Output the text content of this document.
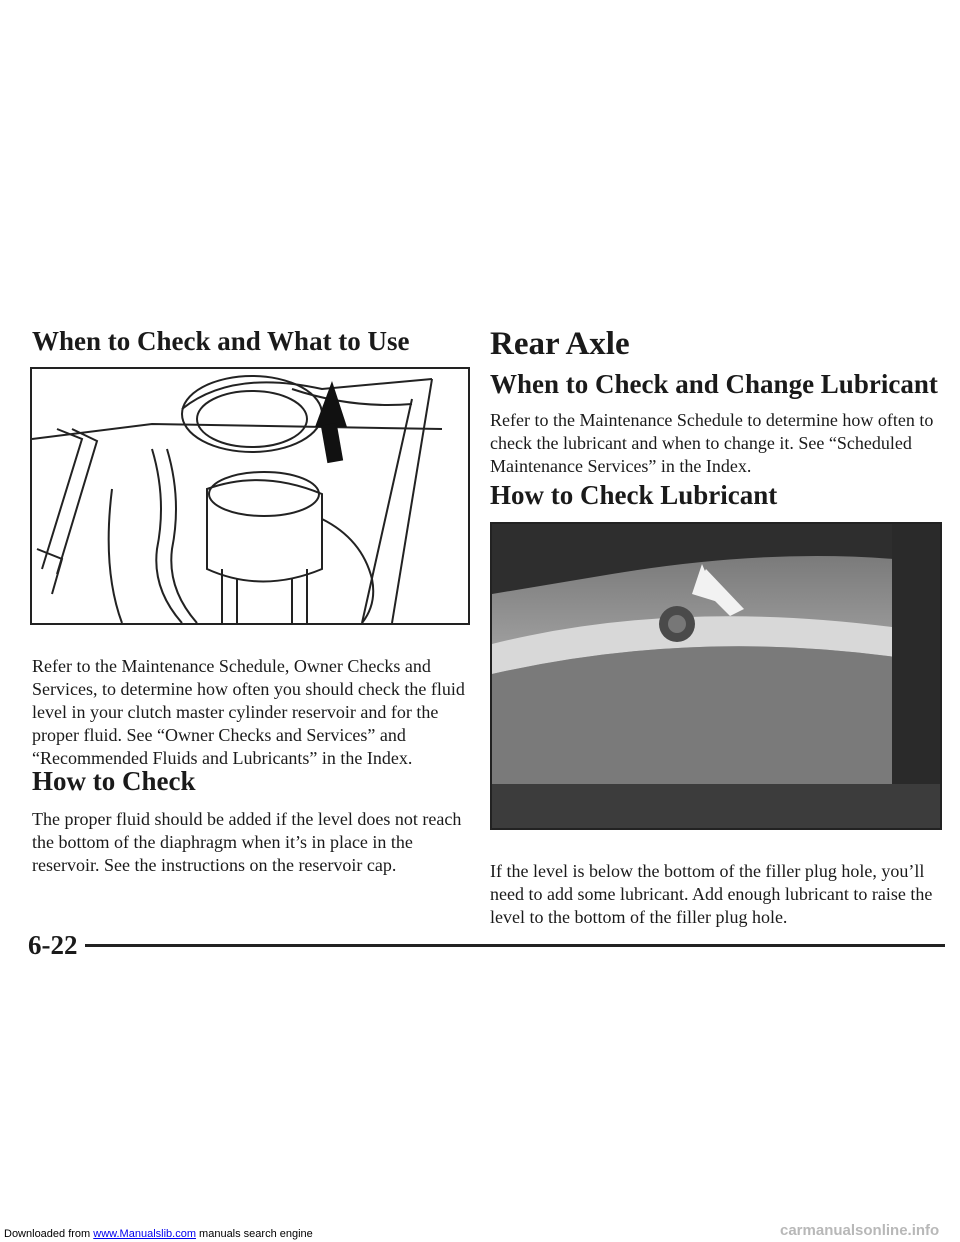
When to Check and What to Use

Refer to the Maintenance Schedule, Owner Checks and Services, to determine how often you should check the fluid level in your clutch master cylinder reservoir and for the proper fluid. See “Owner Checks and Services” and “Recommended Fluids and Lubricants” in the Index.

How to Check

The proper fluid should be added if the level does not reach the bottom of the diaphragm when it’s in place in the reservoir. See the instructions on the reservoir cap.

Rear Axle
When to Check and Change Lubricant

Refer to the Maintenance Schedule to determine how often to check the lubricant and when to change it. See “Scheduled Maintenance Services” in the Index.

How to Check Lubricant

If the level is below the bottom of the filler plug hole, you’ll need to add some lubricant. Add enough lubricant to raise the level to the bottom of the filler plug hole.

6-22
Downloaded from www.Manualslib.com manuals search engine	carmanualsonline.info
